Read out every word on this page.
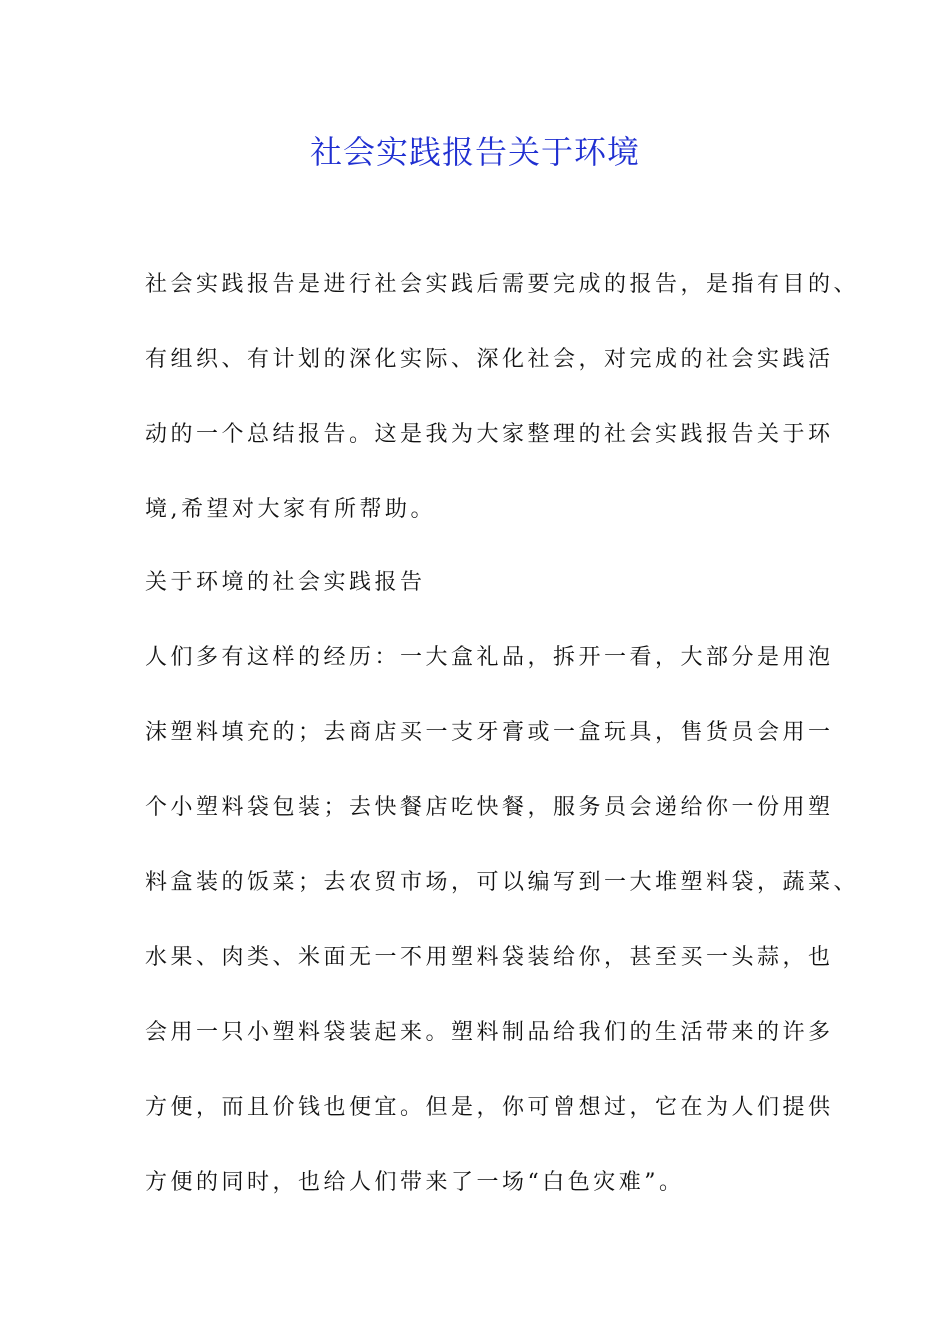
社会实践报告关于环境
社会实践报告是进行社会实践后需要完成的报告，是指有目的、
有组织、有计划的深化实际、深化社会，对完成的社会实践活
动的一个总结报告。这是我为大家整理的社会实践报告关于环
境,希望对大家有所帮助。
关于环境的社会实践报告
人们多有这样的经历：一大盒礼品，拆开一看，大部分是用泡
沫塑料填充的；去商店买一支牙膏或一盒玩具，售货员会用一
个小塑料袋包装；去快餐店吃快餐，服务员会递给你一份用塑
料盒装的饭菜；去农贸市场，可以编写到一大堆塑料袋，蔬菜、
水果、肉类、米面无一不用塑料袋装给你，甚至买一头蒜，也
会用一只小塑料袋装起来。塑料制品给我们的生活带来的许多
方便，而且价钱也便宜。但是，你可曾想过，它在为人们提供
方便的同时，也给人们带来了一场“白色灾难”。
